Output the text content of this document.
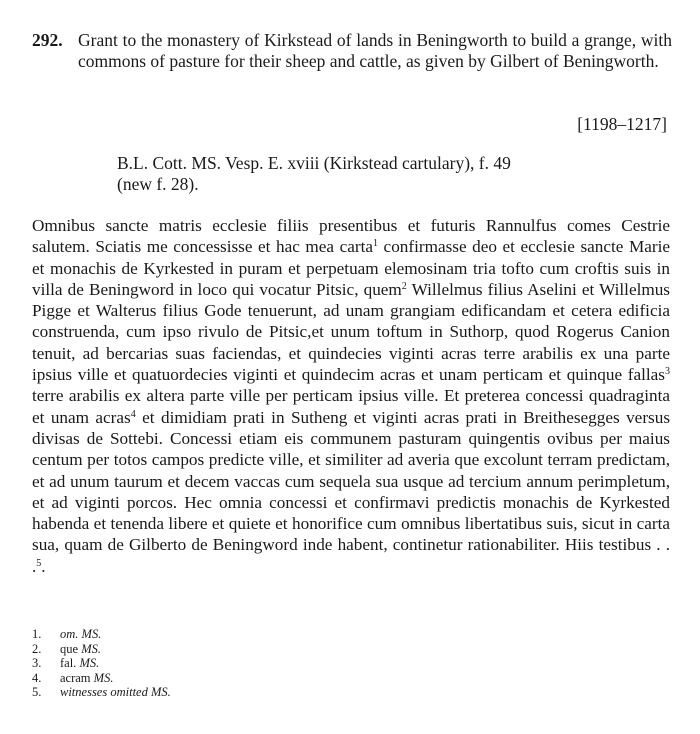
292. Grant to the monastery of Kirkstead of lands in Beningworth to build a grange, with commons of pasture for their sheep and cattle, as given by Gilbert of Beningworth.
[1198–1217]
B.L. Cott. MS. Vesp. E. xviii (Kirkstead cartulary), f. 49
(new f. 28).
Omnibus sancte matris ecclesie filiis presentibus et futuris Rannulfus comes Cestrie salutem. Sciatis me concessisse et hac mea carta$^1$ confirmasse deo et ecclesie sancte Marie et monachis de Kyrkested in puram et perpetuam elemosinam tria tofto cum croftis suis in villa de Beningword in loco qui vocatur Pitsic, quem$^2$ Willelmus filius Aselini et Willelmus Pigge et Walterus filius Gode tenuerunt, ad unam grangiam edificandam et cetera edificia construenda, cum ipso rivulo de Pitsic,et unum toftum in Suthorp, quod Rogerus Canion tenuit, ad bercarias suas faciendas, et quindecies viginti acras terre arabilis ex una parte ipsius ville et quatuordecies viginti et quindecim acras et unam perticam et quinque fallas$^3$ terre arabilis ex altera parte ville per perticam ipsius ville. Et preterea concessi quadraginta et unam acras$^4$ et dimidiam prati in Sutheng et viginti acras prati in Breithesegges versus divisas de Sottebi. Concessi etiam eis communem pasturam quingentis ovibus per maius centum per totos campos predicte ville, et similiter ad averia que excolunt terram predictam, et ad unum taurum et decem vaccas cum sequela sua usque ad tercium annum perimpletum, et ad viginti porcos. Hec omnia concessi et confirmavi predictis monachis de Kyrkested habenda et tenenda libere et quiete et honorifice cum omnibus libertatibus suis, sicut in carta sua, quam de Gilberto de Beningword inde habent, continetur rationabiliter. Hiis testibus . . .$^5$.
1.	om. MS.
2.	que MS.
3.	fal. MS.
4.	acram MS.
5.	witnesses omitted MS.
